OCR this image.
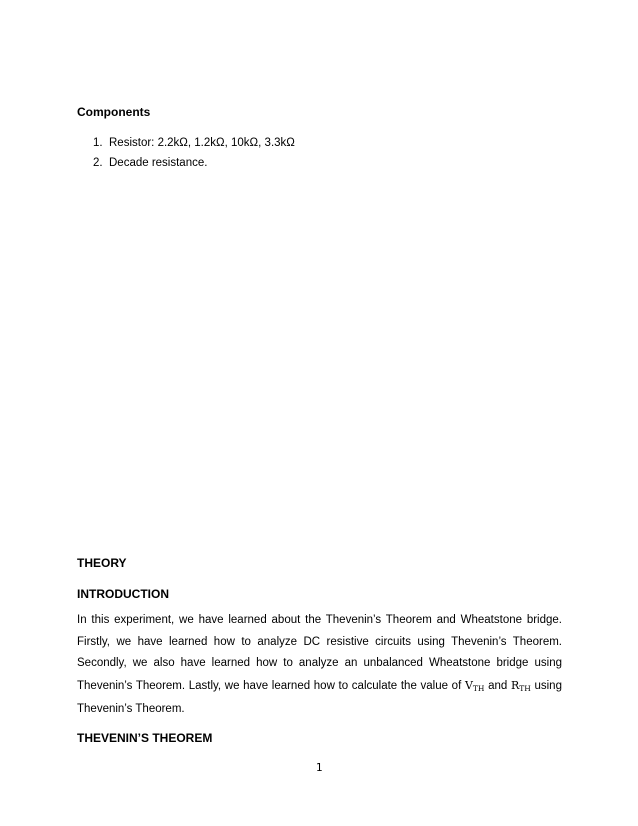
Components
1. Resistor: 2.2kΩ, 1.2kΩ, 10kΩ, 3.3kΩ
2. Decade resistance.
THEORY
INTRODUCTION
In this experiment, we have learned about the Thevenin’s Theorem and Wheatstone bridge.
Firstly, we have learned how to analyze DC resistive circuits using Thevenin’s Theorem.
Secondly, we also have learned how to analyze an unbalanced Wheatstone bridge using
Thevenin’s Theorem. Lastly, we have learned how to calculate the value of $V_{TH}$ and $R_{TH}$ using
Thevenin’s Theorem.
THEVENIN’S THEOREM
1
